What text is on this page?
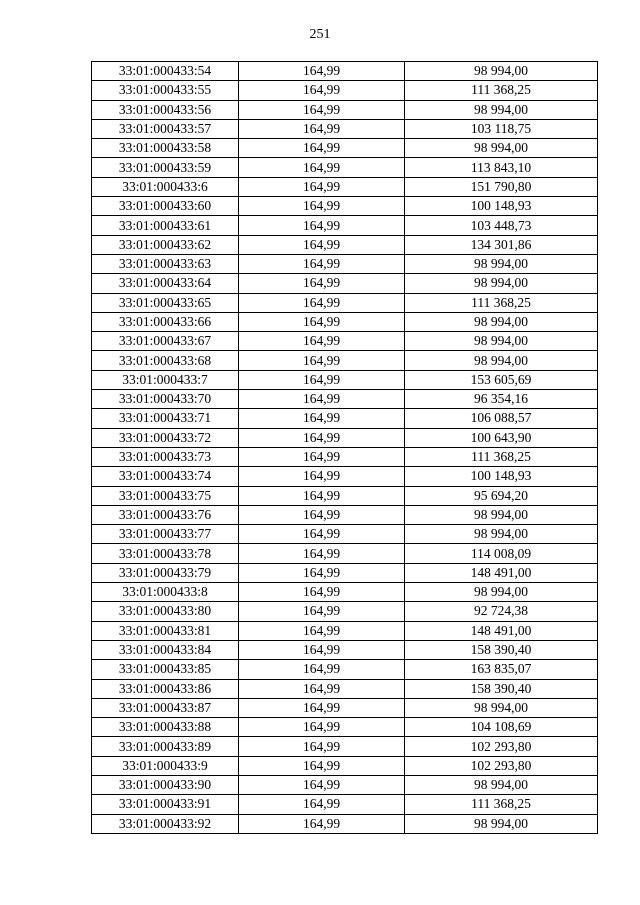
251
33:01:000433:54	164,99	98 994,00
33:01:000433:55	164,99	111 368,25
33:01:000433:56	164,99	98 994,00
33:01:000433:57	164,99	103 118,75
33:01:000433:58	164,99	98 994,00
33:01:000433:59	164,99	113 843,10
33:01:000433:6	164,99	151 790,80
33:01:000433:60	164,99	100 148,93
33:01:000433:61	164,99	103 448,73
33:01:000433:62	164,99	134 301,86
33:01:000433:63	164,99	98 994,00
33:01:000433:64	164,99	98 994,00
33:01:000433:65	164,99	111 368,25
33:01:000433:66	164,99	98 994,00
33:01:000433:67	164,99	98 994,00
33:01:000433:68	164,99	98 994,00
33:01:000433:7	164,99	153 605,69
33:01:000433:70	164,99	96 354,16
33:01:000433:71	164,99	106 088,57
33:01:000433:72	164,99	100 643,90
33:01:000433:73	164,99	111 368,25
33:01:000433:74	164,99	100 148,93
33:01:000433:75	164,99	95 694,20
33:01:000433:76	164,99	98 994,00
33:01:000433:77	164,99	98 994,00
33:01:000433:78	164,99	114 008,09
33:01:000433:79	164,99	148 491,00
33:01:000433:8	164,99	98 994,00
33:01:000433:80	164,99	92 724,38
33:01:000433:81	164,99	148 491,00
33:01:000433:84	164,99	158 390,40
33:01:000433:85	164,99	163 835,07
33:01:000433:86	164,99	158 390,40
33:01:000433:87	164,99	98 994,00
33:01:000433:88	164,99	104 108,69
33:01:000433:89	164,99	102 293,80
33:01:000433:9	164,99	102 293,80
33:01:000433:90	164,99	98 994,00
33:01:000433:91	164,99	111 368,25
33:01:000433:92	164,99	98 994,00
